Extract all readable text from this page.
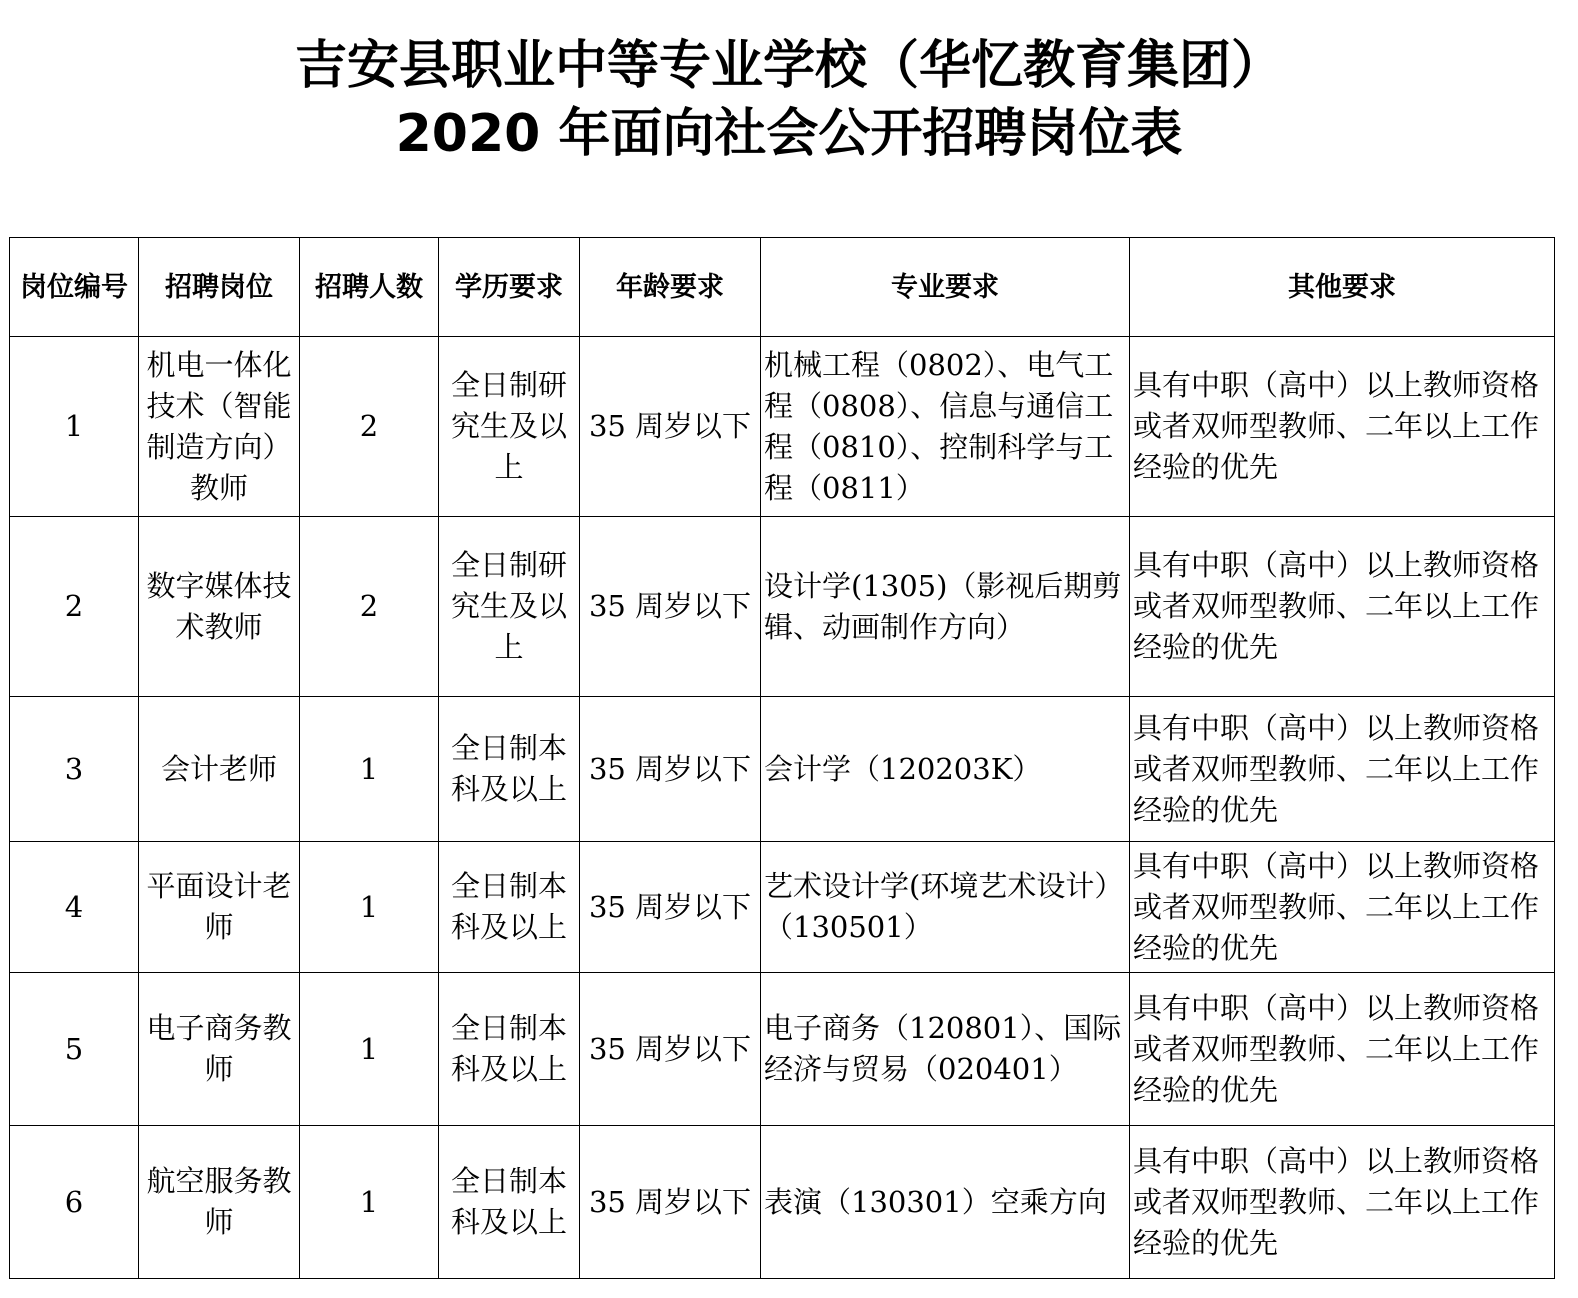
吉安县职业中等专业学校（华忆教育集团）
2020 年面向社会公开招聘岗位表
岗位编号	招聘岗位	招聘人数	学历要求	年龄要求	专业要求	其他要求
1	机电一体化技术（智能制造方向）教师	2	全日制研究生及以上	35 周岁以下	机械工程（0802）、电气工程（0808）、信息与通信工程（0810）、控制科学与工程（0811）	具有中职（高中）以上教师资格或者双师型教师、二年以上工作经验的优先
2	数字媒体技术教师	2	全日制研究生及以上	35 周岁以下	设计学(1305)（影视后期剪辑、动画制作方向）	具有中职（高中）以上教师资格或者双师型教师、二年以上工作经验的优先
3	会计老师	1	全日制本科及以上	35 周岁以下	会计学（120203K）	具有中职（高中）以上教师资格或者双师型教师、二年以上工作经验的优先
4	平面设计老师	1	全日制本科及以上	35 周岁以下	艺术设计学(环境艺术设计）（130501）	具有中职（高中）以上教师资格或者双师型教师、二年以上工作经验的优先
5	电子商务教师	1	全日制本科及以上	35 周岁以下	电子商务（120801）、国际经济与贸易（020401）	具有中职（高中）以上教师资格或者双师型教师、二年以上工作经验的优先
6	航空服务教师	1	全日制本科及以上	35 周岁以下	表演（130301）空乘方向	具有中职（高中）以上教师资格或者双师型教师、二年以上工作经验的优先
